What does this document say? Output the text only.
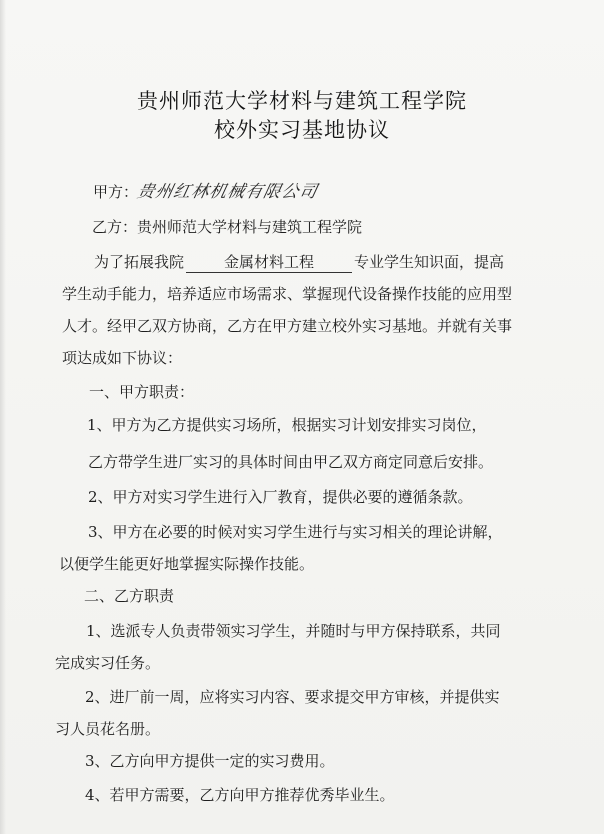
贵州师范大学材料与建筑工程学院
校外实习基地协议
甲方：贵州红林机械有限公司
乙方：贵州师范大学材料与建筑工程学院
为了拓展我院	金属材料工程	专业学生知识面，提高
学生动手能力，培养适应市场需求、掌握现代设备操作技能的应用型
人才。经甲乙双方协商，乙方在甲方建立校外实习基地。并就有关事
项达成如下协议：
一、甲方职责：
1、甲方为乙方提供实习场所，根据实习计划安排实习岗位，
乙方带学生进厂实习的具体时间由甲乙双方商定同意后安排。
2、甲方对实习学生进行入厂教育，提供必要的遵循条款。
3、甲方在必要的时候对实习学生进行与实习相关的理论讲解，
以便学生能更好地掌握实际操作技能。
二、乙方职责
1、选派专人负责带领实习学生，并随时与甲方保持联系，共同
完成实习任务。
2、进厂前一周，应将实习内容、要求提交甲方审核，并提供实
习人员花名册。
3、乙方向甲方提供一定的实习费用。
4、若甲方需要，乙方向甲方推荐优秀毕业生。
